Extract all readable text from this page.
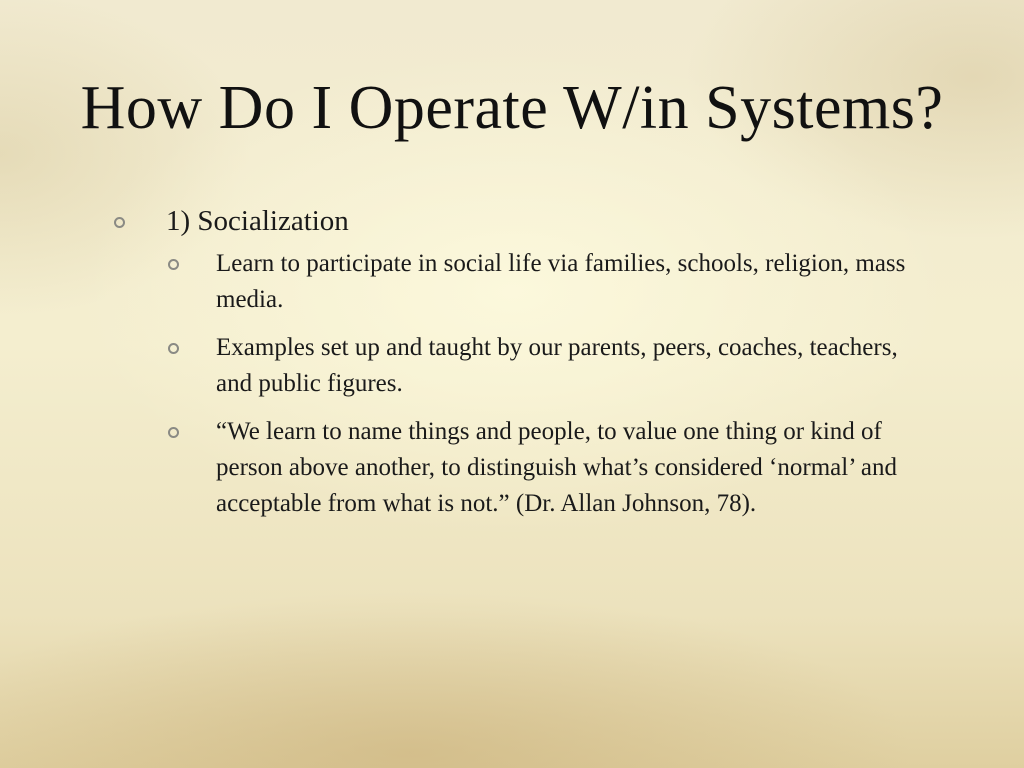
How Do I Operate W/in Systems?
1) Socialization
Learn to participate in social life via families, schools, religion, mass media.
Examples set up and taught by our parents, peers, coaches, teachers, and public figures.
“We learn to name things and people, to value one thing or kind of person above another, to distinguish what’s considered ‘normal’ and acceptable from what is not.” (Dr. Allan Johnson, 78).
